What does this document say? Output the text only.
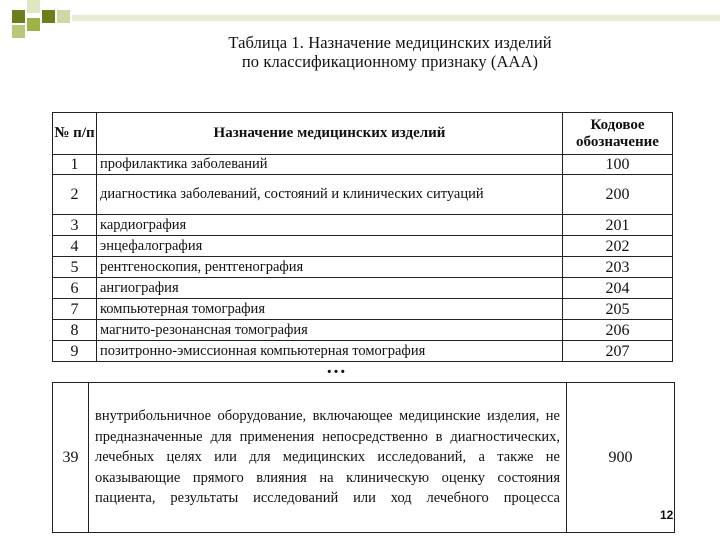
Таблица 1. Назначение медицинских изделий
по классификационному признаку (ААА)
№ п/п	Назначение медицинских изделий	Кодовое обозначение
1	профилактика заболеваний	100
2	диагностика заболеваний, состояний и клинических ситуаций	200
3	кардиография	201
4	энцефалография	202
5	рентгеноскопия, рентгенография	203
6	ангиография	204
7	компьютерная томография	205
8	магнито-резонансная томография	206
9	позитронно-эмиссионная компьютерная томография	207
…
39	внутрибольничное оборудование, включающее медицинские изделия, не предназначенные для применения непосредственно в диагностических, лечебных целях или для медицинских исследований, а также не оказывающие прямого влияния на клиническую оценку состояния пациента, результаты исследований или ход лечебного процесса	900
12
